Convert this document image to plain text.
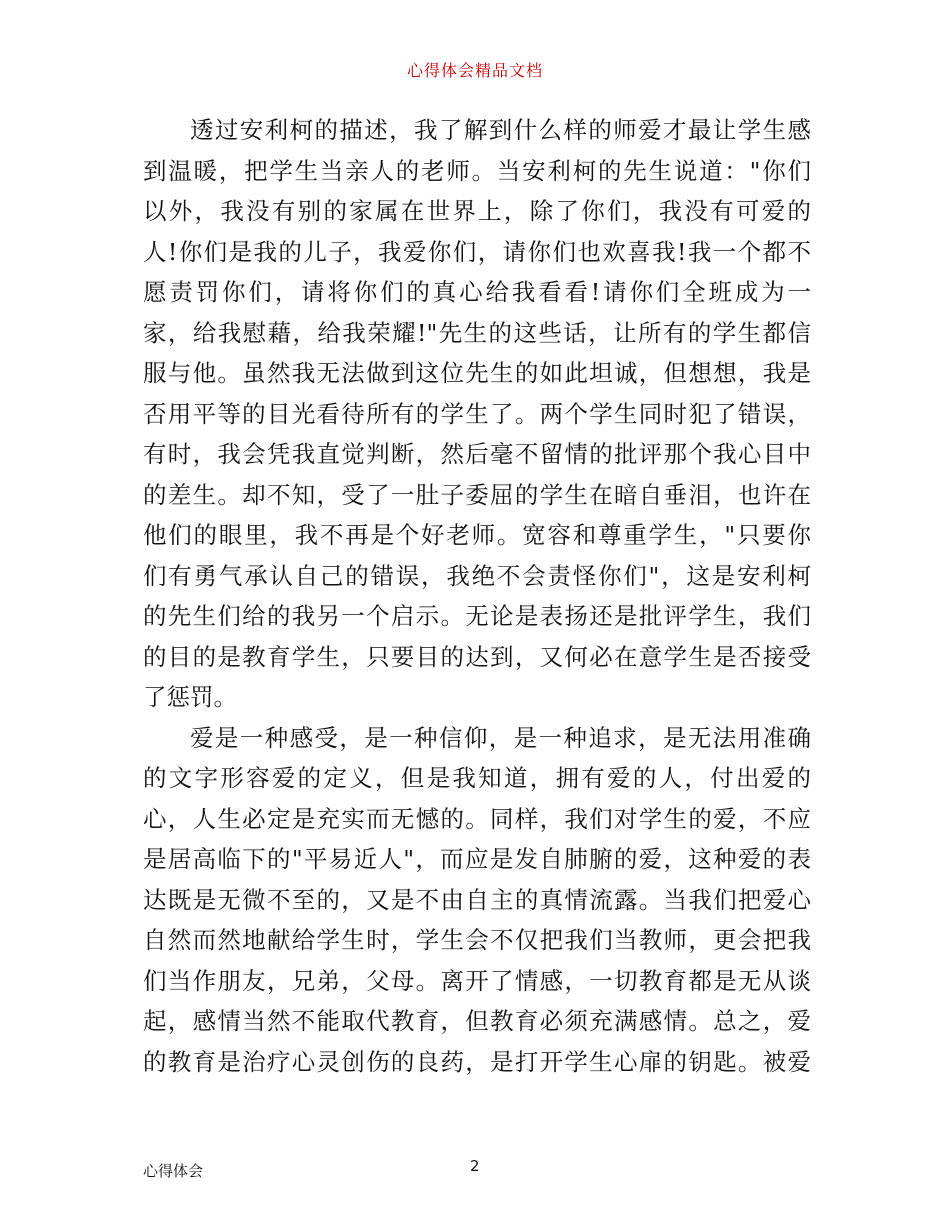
心得体会精品文档
透过安利柯的描述，我了解到什么样的师爱才最让学生感
到温暖，把学生当亲人的老师。当安利柯的先生说道："你们
以外，我没有别的家属在世界上，除了你们，我没有可爱的
人!你们是我的儿子，我爱你们，请你们也欢喜我!我一个都不
愿责罚你们，请将你们的真心给我看看!请你们全班成为一
家，给我慰藉，给我荣耀!"先生的这些话，让所有的学生都信
服与他。虽然我无法做到这位先生的如此坦诚，但想想，我是
否用平等的目光看待所有的学生了。两个学生同时犯了错误，
有时，我会凭我直觉判断，然后毫不留情的批评那个我心目中
的差生。却不知，受了一肚子委屈的学生在暗自垂泪，也许在
他们的眼里，我不再是个好老师。宽容和尊重学生，"只要你
们有勇气承认自己的错误，我绝不会责怪你们"，这是安利柯
的先生们给的我另一个启示。无论是表扬还是批评学生，我们
的目的是教育学生，只要目的达到，又何必在意学生是否接受
了惩罚。
爱是一种感受，是一种信仰，是一种追求，是无法用准确
的文字形容爱的定义，但是我知道，拥有爱的人，付出爱的
心，人生必定是充实而无憾的。同样，我们对学生的爱，不应
是居高临下的"平易近人"，而应是发自肺腑的爱，这种爱的表
达既是无微不至的，又是不由自主的真情流露。当我们把爱心
自然而然地献给学生时，学生会不仅把我们当教师，更会把我
们当作朋友，兄弟，父母。离开了情感，一切教育都是无从谈
起，感情当然不能取代教育，但教育必须充满感情。总之，爱
的教育是治疗心灵创伤的良药，是打开学生心扉的钥匙。被爱
心得体会	2
